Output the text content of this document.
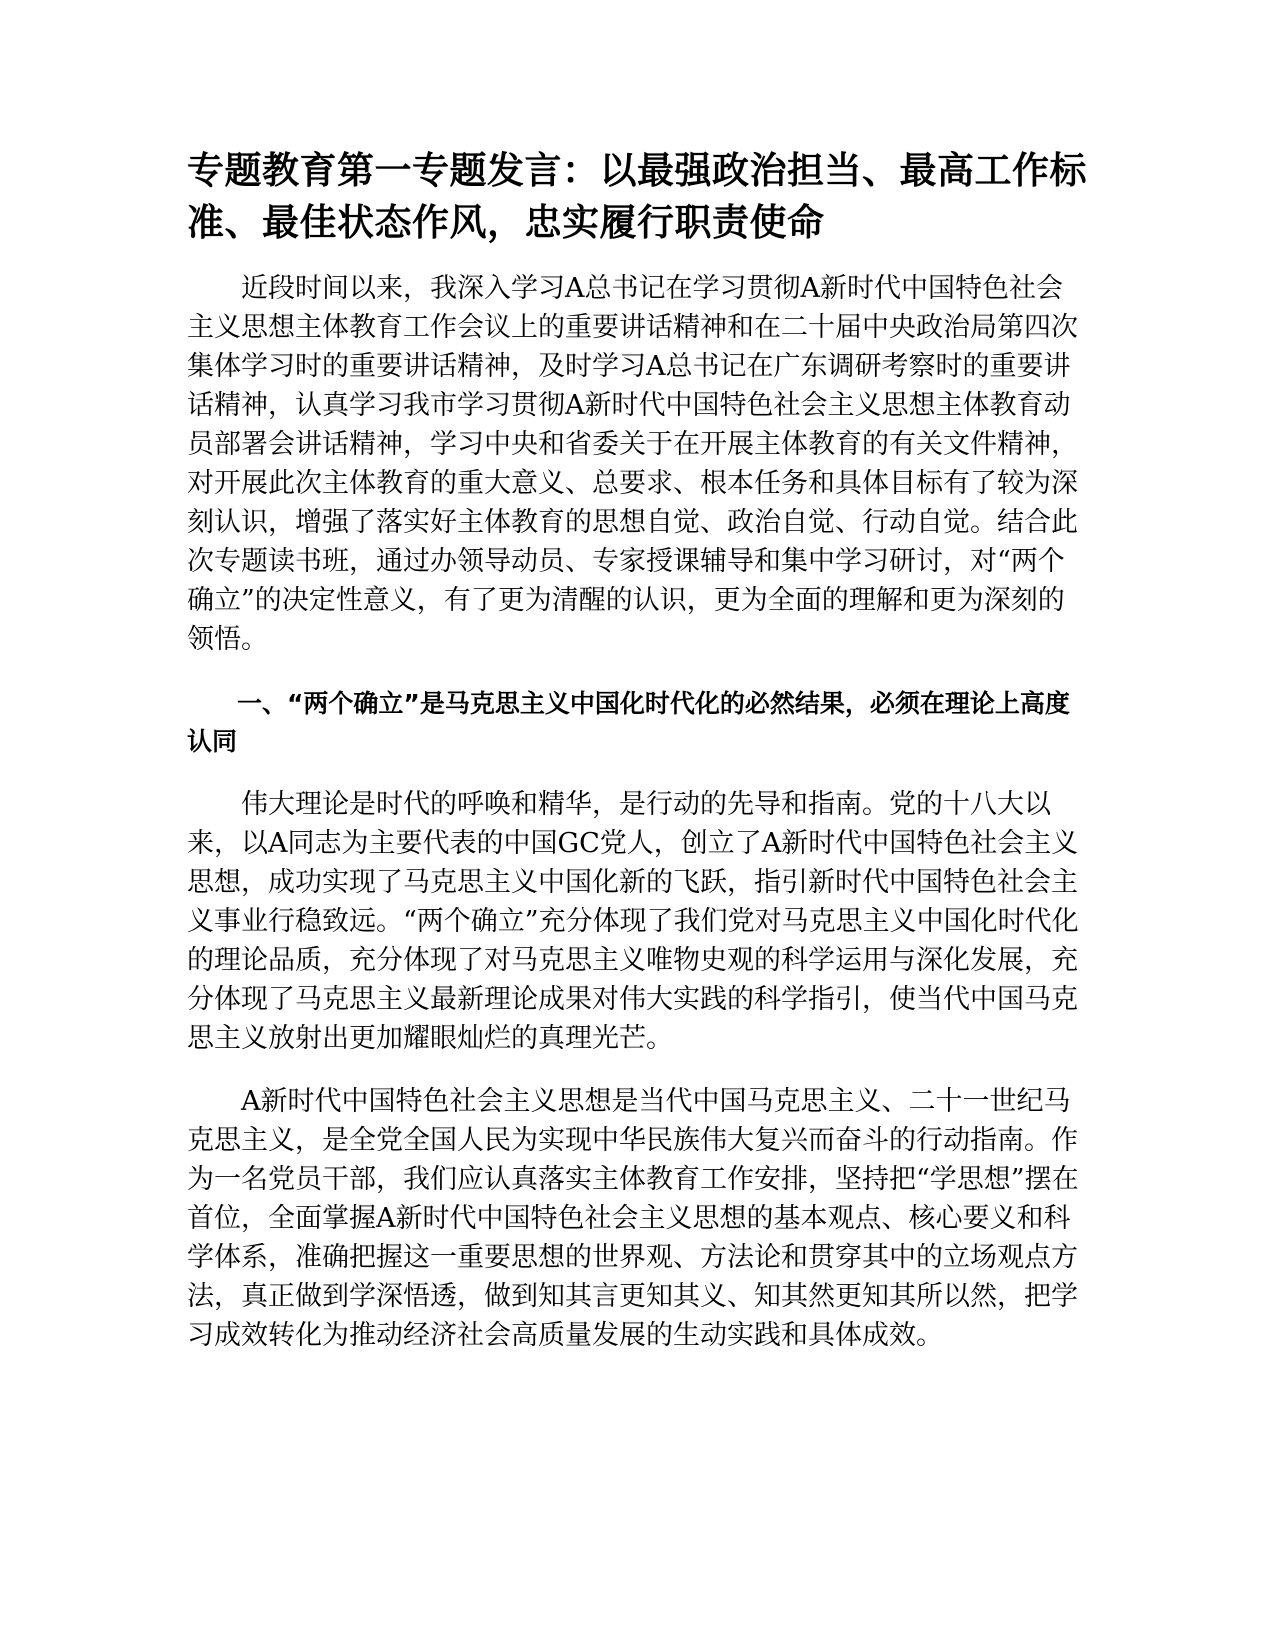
专题教育第一专题发言：以最强政治担当、最高工作标准、最佳状态作风，忠实履行职责使命

近段时间以来，我深入学习A总书记在学习贯彻A新时代中国特色社会主义思想主体教育工作会议上的重要讲话精神和在二十届中央政治局第四次集体学习时的重要讲话精神，及时学习A总书记在广东调研考察时的重要讲话精神，认真学习我市学习贯彻A新时代中国特色社会主义思想主体教育动员部署会讲话精神，学习中央和省委关于在开展主体教育的有关文件精神，对开展此次主体教育的重大意义、总要求、根本任务和具体目标有了较为深刻认识，增强了落实好主体教育的思想自觉、政治自觉、行动自觉。结合此次专题读书班，通过办领导动员、专家授课辅导和集中学习研讨，对“两个确立”的决定性意义，有了更为清醒的认识，更为全面的理解和更为深刻的领悟。

一、“两个确立”是马克思主义中国化时代化的必然结果，必须在理论上高度认同

伟大理论是时代的呼唤和精华，是行动的先导和指南。党的十八大以来，以A同志为主要代表的中国GC党人，创立了A新时代中国特色社会主义思想，成功实现了马克思主义中国化新的飞跃，指引新时代中国特色社会主义事业行稳致远。“两个确立”充分体现了我们党对马克思主义中国化时代化的理论品质，充分体现了对马克思主义唯物史观的科学运用与深化发展，充分体现了马克思主义最新理论成果对伟大实践的科学指引，使当代中国马克思主义放射出更加耀眼灿烂的真理光芒。

A新时代中国特色社会主义思想是当代中国马克思主义、二十一世纪马克思主义，是全党全国人民为实现中华民族伟大复兴而奋斗的行动指南。作为一名党员干部，我们应认真落实主体教育工作安排，坚持把“学思想”摆在首位，全面掌握A新时代中国特色社会主义思想的基本观点、核心要义和科学体系，准确把握这一重要思想的世界观、方法论和贯穿其中的立场观点方法，真正做到学深悟透，做到知其言更知其义、知其然更知其所以然，把学习成效转化为推动经济社会高质量发展的生动实践和具体成效。
